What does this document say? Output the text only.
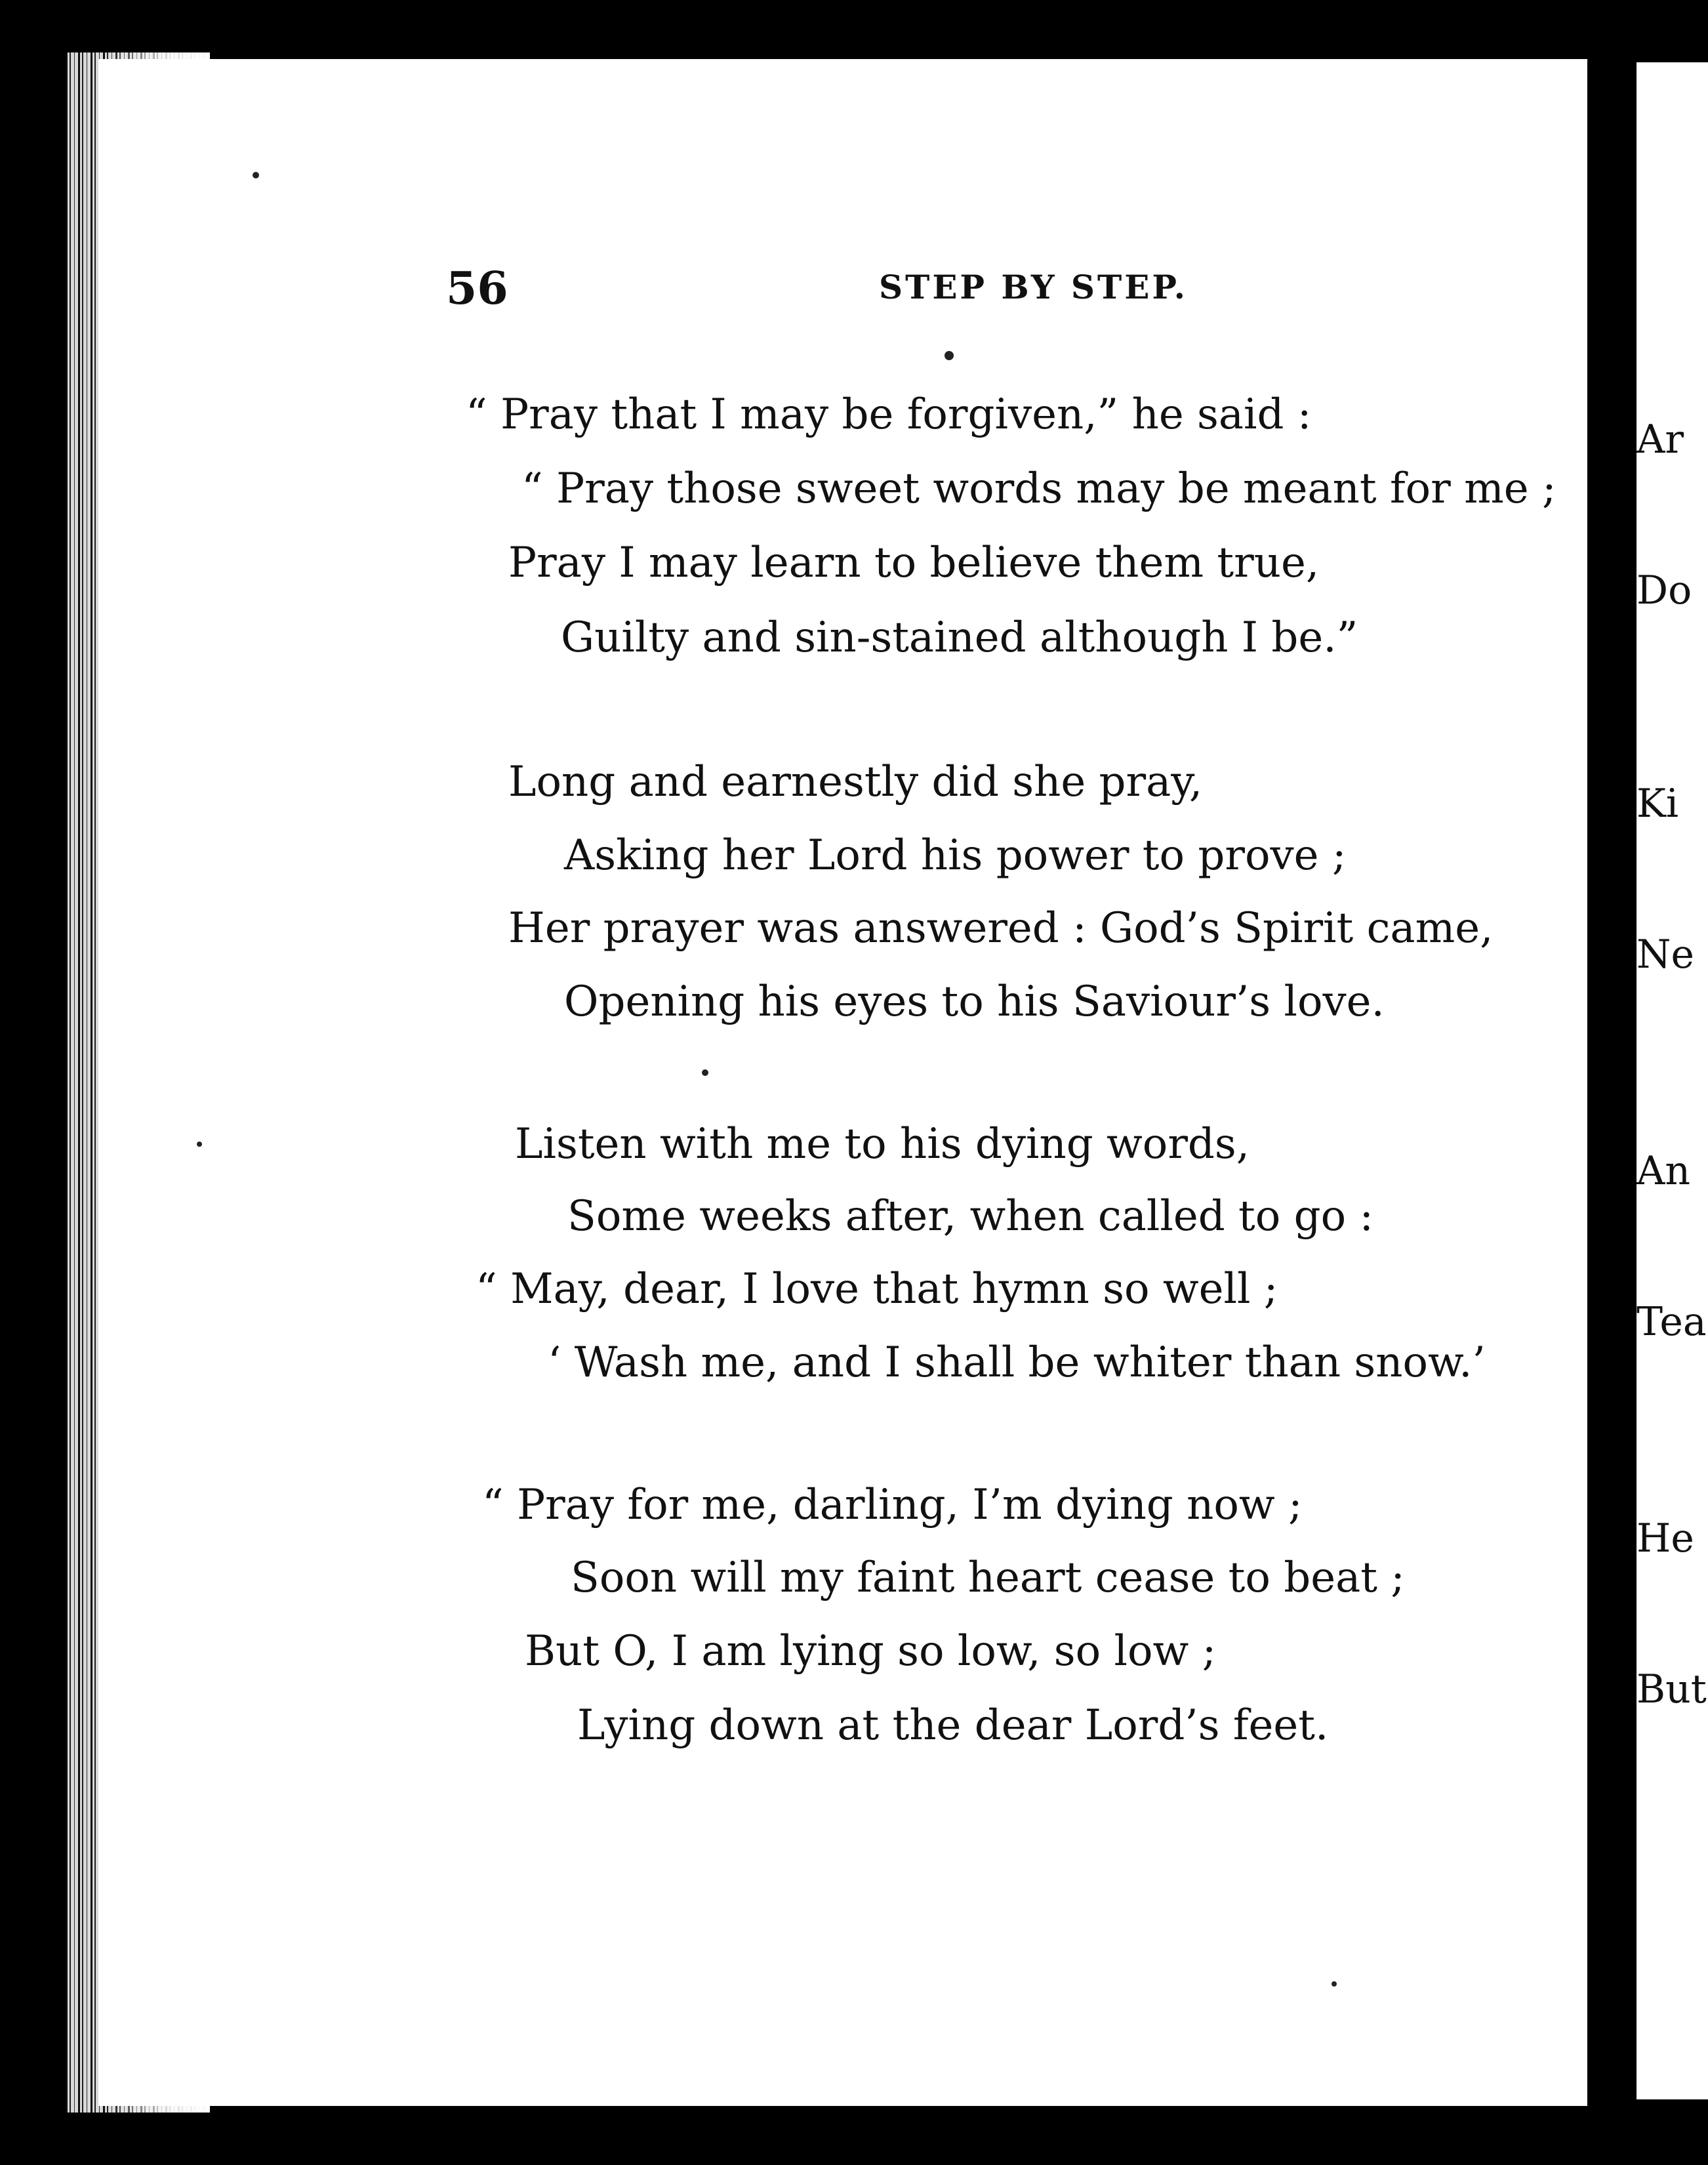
Ar
Do
Ki
Ne
An
Tea
He
But
56	STEP BY STEP.
“ Pray that I may be forgiven,” he said :
“ Pray those sweet words may be meant for me ;
Pray I may learn to believe them true,
Guilty and sin-stained although I be.”
Long and earnestly did she pray,
Asking her Lord his power to prove ;
Her prayer was answered : God’s Spirit came,
Opening his eyes to his Saviour’s love.
Listen with me to his dying words,
Some weeks after, when called to go :
“ May, dear, I love that hymn so well ;
‘ Wash me, and I shall be whiter than snow.’
“ Pray for me, darling, I’m dying now ;
Soon will my faint heart cease to beat ;
But O, I am lying so low, so low ;
Lying down at the dear Lord’s feet.
